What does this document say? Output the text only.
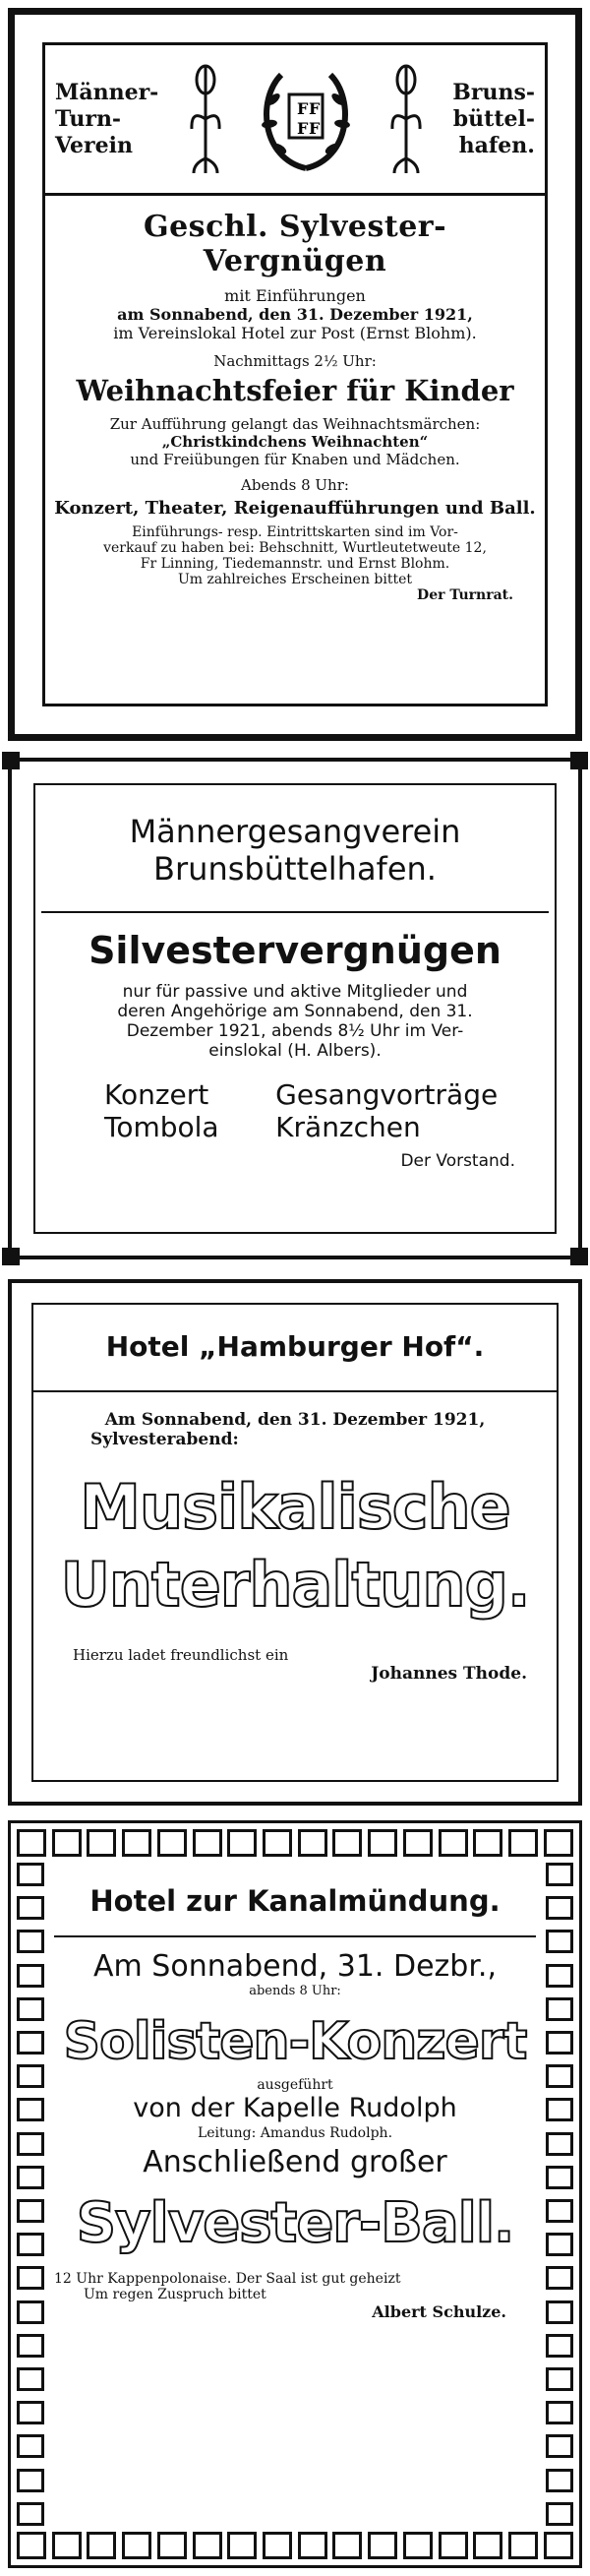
Männer-
Turn-
Verein
F F
F F
Bruns-
büttel-
hafen.

Geschl. Sylvester-Vergnügen

mit Einführungen

am Sonnabend, den 31. Dezember 1921,

im Vereinslokal Hotel zur Post (Ernst Blohm).

Nachmittags 2½ Uhr:

Weihnachtsfeier für Kinder

Zur Aufführung gelangt das Weihnachtsmärchen:

„Christkindchens Weihnachten“

und Freiübungen für Knaben und Mädchen.

Abends 8 Uhr:

Konzert, Theater, Reigenaufführungen und Ball.

Einführungs- resp. Eintrittskarten sind im Vor-

verkauf zu haben bei: Behschnitt, Wurtleutetweute 12,

Fr Linning, Tiedemannstr. und Ernst Blohm.

Um zahlreiches Erscheinen bittet

Der Turnrat.

Männergesangverein

Brunsbüttelhafen.

Silvestervergnügen

nur für passive und aktive Mitglieder und

deren Angehörige am Sonnabend, den 31.

Dezember 1921, abends 8½ Uhr im Ver-

einslokal (H. Albers).

Konzert	Gesangvorträge
Tombola	Kränzchen

Der Vorstand.

Hotel „Hamburger Hof“.

Am Sonnabend, den 31. Dezember 1921,

Sylvesterabend:

Musikalische

Unterhaltung.

Hierzu ladet freundlichst ein

Johannes Thode.

Hotel zur Kanalmündung.

Am Sonnabend, 31. Dezbr.,

abends 8 Uhr:

Solisten-Konzert

ausgeführt

von der Kapelle Rudolph

Leitung: Amandus Rudolph.

Anschließend großer

Sylvester-Ball.

12 Uhr Kappenpolonaise. Der Saal ist gut geheizt

Um regen Zuspruch bittet

Albert Schulze.
